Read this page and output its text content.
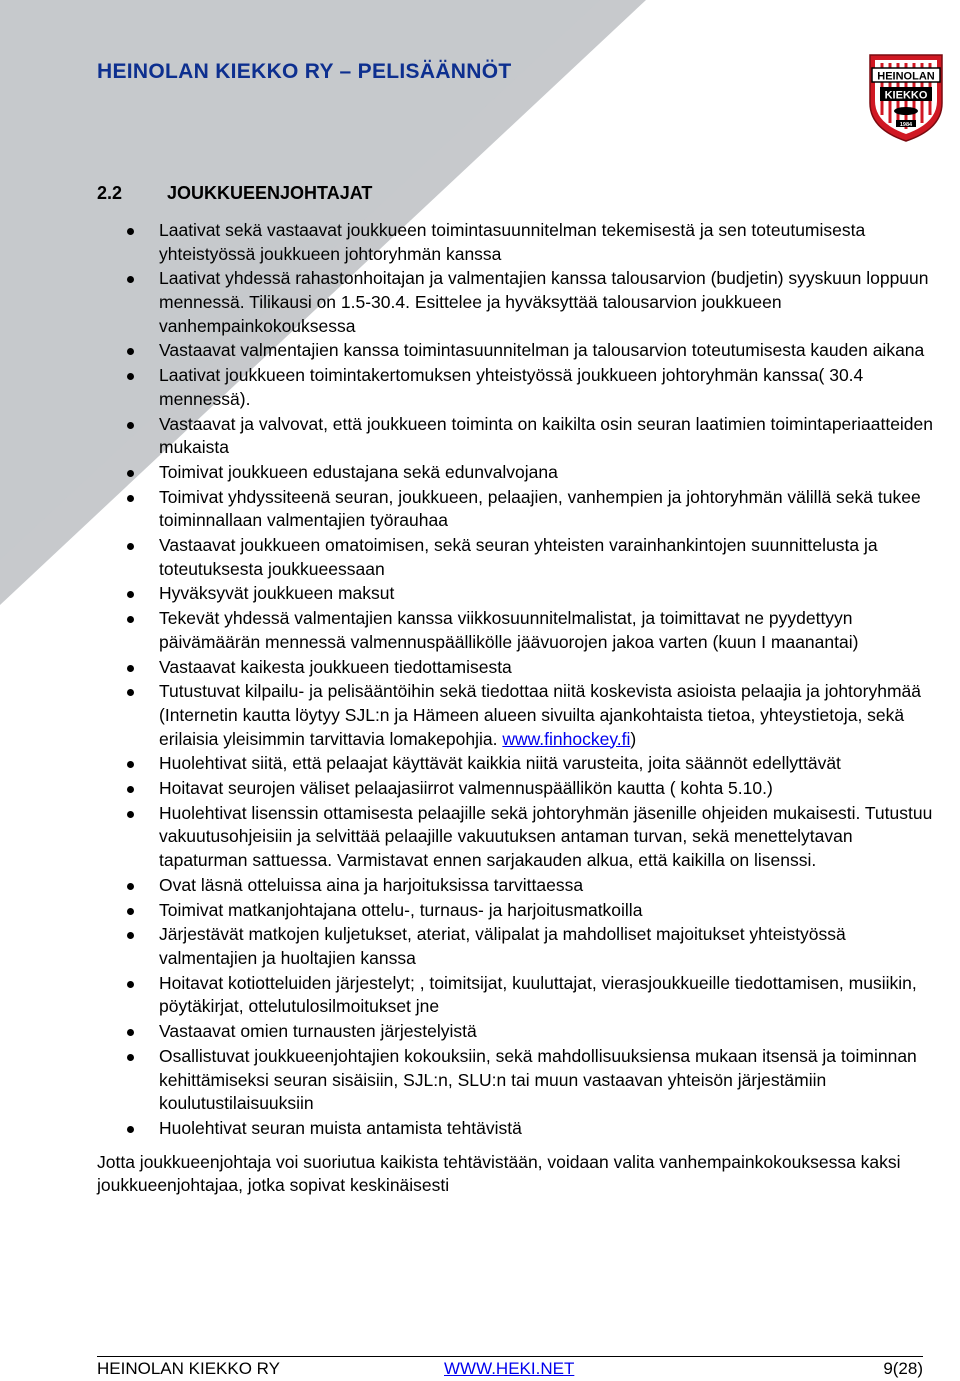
HEINOLAN KIEKKO RY – PELISÄÄNNÖT	HEINOLAN
KIEKKO
1984
2.2	JOUKKUEENJOHTAJAT
Laativat sekä vastaavat joukkueen toimintasuunnitelman tekemisestä ja sen toteutumisesta yhteistyössä joukkueen johtoryhmän kanssa
Laativat yhdessä rahastonhoitajan ja valmentajien kanssa talousarvion (budjetin) syyskuun loppuun mennessä. Tilikausi on 1.5-30.4. Esittelee ja hyväksyttää talousarvion joukkueen vanhempainkokouksessa
Vastaavat valmentajien kanssa toimintasuunnitelman ja talousarvion toteutumisesta kauden aikana
Laativat joukkueen toimintakertomuksen yhteistyössä joukkueen johtoryhmän kanssa( 30.4 mennessä).
Vastaavat ja valvovat, että joukkueen toiminta on kaikilta osin seuran laatimien toimintaperiaatteiden mukaista
Toimivat joukkueen edustajana sekä edunvalvojana
Toimivat yhdyssiteenä seuran, joukkueen, pelaajien, vanhempien ja johtoryhmän välillä sekä tukee toiminnallaan valmentajien työrauhaa
Vastaavat joukkueen omatoimisen, sekä seuran yhteisten varainhankintojen suunnittelusta ja toteutuksesta joukkueessaan
Hyväksyvät joukkueen maksut
Tekevät yhdessä valmentajien kanssa viikkosuunnitelmalistat, ja toimittavat ne pyydettyyn päivämäärän mennessä valmennuspäällikölle jäävuorojen jakoa varten (kuun I maanantai)
Vastaavat kaikesta joukkueen tiedottamisesta
Tutustuvat kilpailu- ja pelisääntöihin sekä tiedottaa niitä koskevista asioista pelaajia ja johtoryhmää (Internetin kautta löytyy SJL:n ja Hämeen alueen sivuilta ajankohtaista tietoa, yhteystietoja, sekä erilaisia yleisimmin tarvittavia lomakepohjia. www.finhockey.fi)
Huolehtivat siitä, että pelaajat käyttävät kaikkia niitä varusteita, joita säännöt edellyttävät
Hoitavat seurojen väliset pelaajasiirrot valmennuspäällikön kautta ( kohta 5.10.)
Huolehtivat lisenssin ottamisesta pelaajille sekä johtoryhmän jäsenille ohjeiden mukaisesti. Tutustuu vakuutusohjeisiin ja selvittää pelaajille vakuutuksen antaman turvan, sekä menettelytavan tapaturman sattuessa. Varmistavat ennen sarjakauden alkua, että kaikilla on lisenssi.
Ovat läsnä otteluissa aina ja harjoituksissa tarvittaessa
Toimivat matkanjohtajana ottelu-, turnaus- ja harjoitusmatkoilla
Järjestävät matkojen kuljetukset, ateriat, välipalat ja mahdolliset majoitukset yhteistyössä valmentajien ja huoltajien kanssa
Hoitavat kotiotteluiden järjestelyt; , toimitsijat, kuuluttajat, vierasjoukkueille tiedottamisen, musiikin, pöytäkirjat, ottelutulosilmoitukset jne
Vastaavat omien turnausten järjestelyistä
Osallistuvat joukkueenjohtajien kokouksiin, sekä mahdollisuuksiensa mukaan itsensä ja toiminnan kehittämiseksi seuran sisäisiin, SJL:n, SLU:n tai muun vastaavan yhteisön järjestämiin koulutustilaisuuksiin
Huolehtivat seuran muista antamista tehtävistä

Jotta joukkueenjohtaja voi suoriutua kaikista tehtävistään, voidaan valita vanhempainkokouksessa kaksi joukkueenjohtajaa, jotka sopivat keskinäisesti

HEINOLAN KIEKKO RY	WWW.HEKI.NET	9(28)
